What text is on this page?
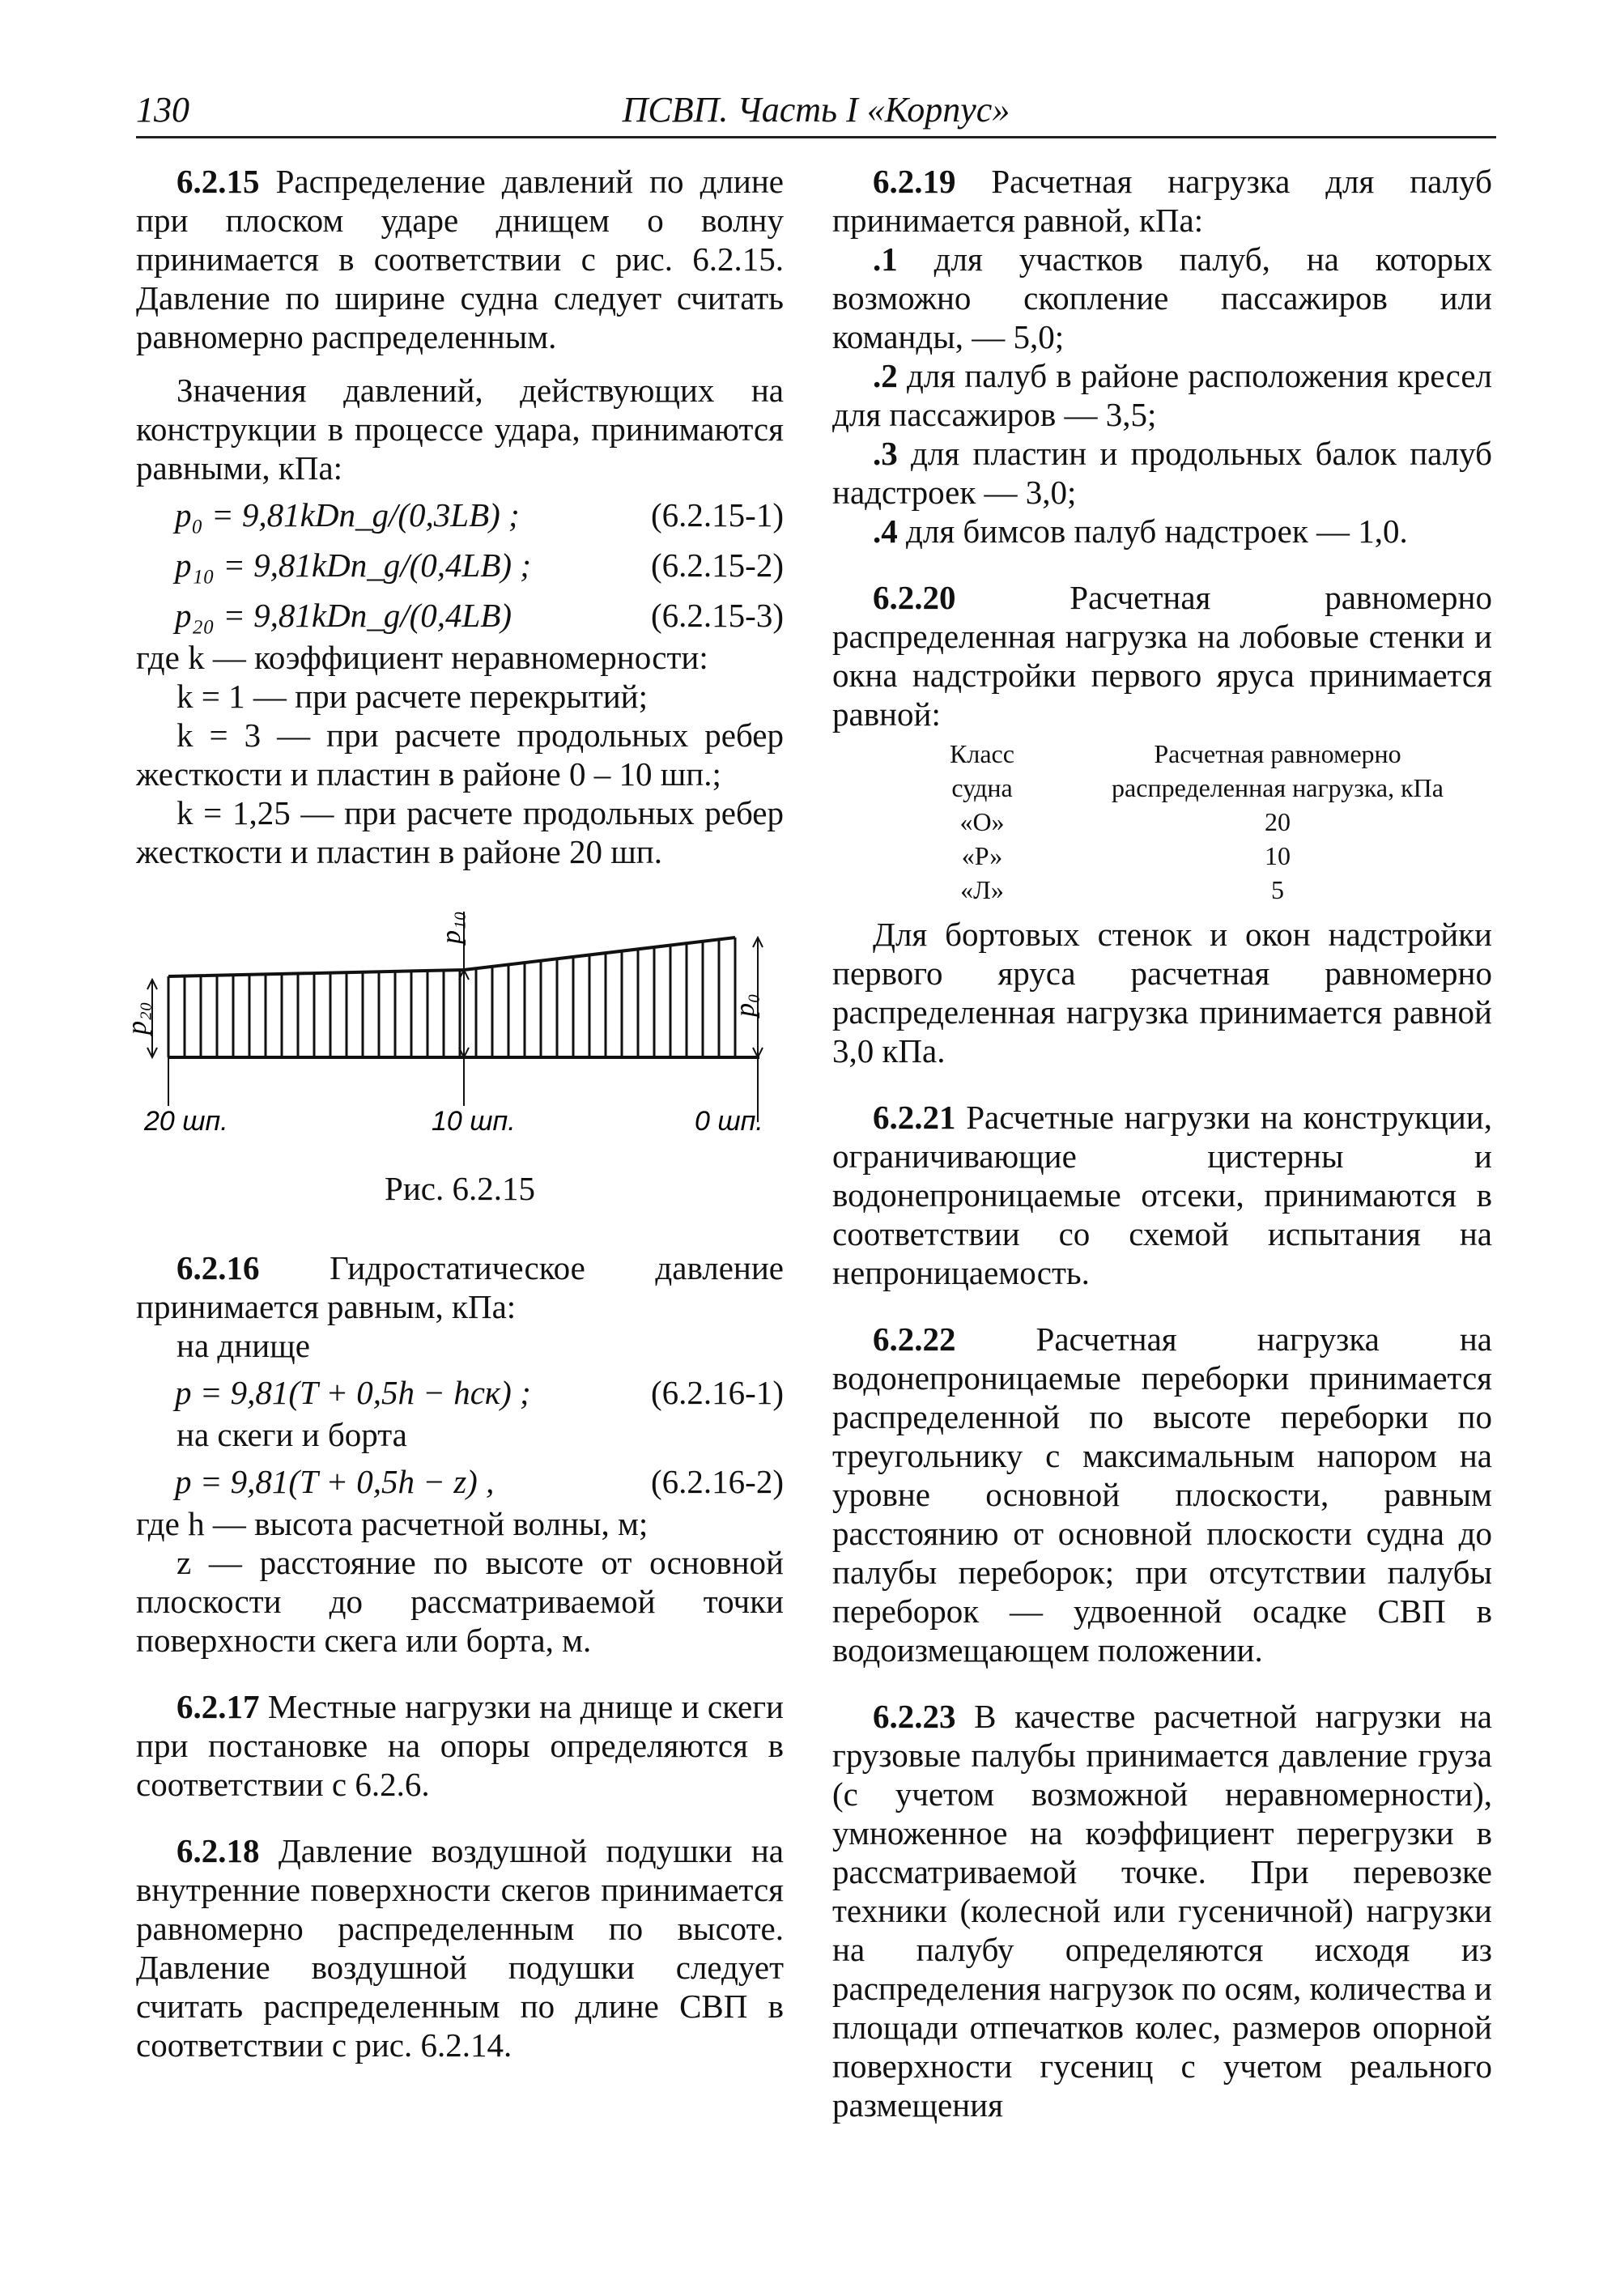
130	ПСВП. Часть I «Корпус»

6.2.15 Распределение давлений по длине при плоском ударе днищем о волну принимается в соответствии с рис. 6.2.15. Давление по ширине судна следует считать равномерно распределенным.

Значения давлений, действующих на конструкции в процессе удара, принимаются равными, кПа:

p₀ = 9,81kDn_g/(0,3LB) ;	(6.2.15-1)
p₁₀ = 9,81kDn_g/(0,4LB) ;	(6.2.15-2)
p₂₀ = 9,81kDn_g/(0,4LB)	(6.2.15-3)

где k — коэффициент неравномерности:

k = 1 — при расчете перекрытий;

k = 3 — при расчете продольных ребер жесткости и пластин в районе 0 – 10 шп.;

k = 1,25 — при расчете продольных ребер жесткости и пластин в районе 20 шп.

p₁₀
p₂₀	p₀
20 шп.	10 шп.	0 шп.

Рис. 6.2.15

6.2.16 Гидростатическое давление принимается равным, кПа:

на днище

p = 9,81(T + 0,5h − hск) ;	(6.2.16-1)

на скеги и борта

p = 9,81(T + 0,5h − z) ,	(6.2.16-2)

где h — высота расчетной волны, м;

z — расстояние по высоте от основной плоскости до рассматриваемой точки поверхности скега или борта, м.

6.2.17 Местные нагрузки на днище и скеги при постановке на опоры определяются в соответствии с 6.2.6.

6.2.18 Давление воздушной подушки на внутренние поверхности скегов принимается равномерно распределенным по высоте. Давление воздушной подушки следует считать распределенным по длине СВП в соответствии с рис. 6.2.14.

6.2.19 Расчетная нагрузка для палуб принимается равной, кПа:

.1 для участков палуб, на которых возможно скопление пассажиров или команды, — 5,0;

.2 для палуб в районе расположения кресел для пассажиров — 3,5;

.3 для пластин и продольных балок палуб надстроек — 3,0;

.4 для бимсов палуб надстроек — 1,0.

6.2.20	Расчетная равномерно распределенная нагрузка на лобовые стенки и окна надстройки первого яруса принимается равной:

Класс	Расчетная равномерно
судна	распределенная нагрузка, кПа
«О»	20
«Р»	10
«Л»	5

Для бортовых стенок и окон надстройки первого яруса расчетная равномерно распределенная нагрузка принимается равной 3,0 кПа.

6.2.21 Расчетные нагрузки на конструкции, ограничивающие цистерны и водонепроницаемые отсеки, принимаются в соответствии со схемой испытания на непроницаемость.

6.2.22 Расчетная нагрузка на водонепроницаемые переборки принимается распределенной по высоте переборки по треугольнику с максимальным напором на уровне основной плоскости, равным расстоянию от основной плоскости судна до палубы переборок; при отсутствии палубы переборок — удвоенной осадке СВП в водоизмещающем положении.

6.2.23 В качестве расчетной нагрузки на грузовые палубы принимается давление груза (с учетом возможной неравномерности), умноженное на коэффициент перегрузки в рассматриваемой точке. При перевозке техники (колесной или гусеничной) нагрузки на палубу определяются исходя из распределения нагрузок по осям, количества и площади отпечатков колес, размеров опорной поверхности гусениц с учетом реального размещения
